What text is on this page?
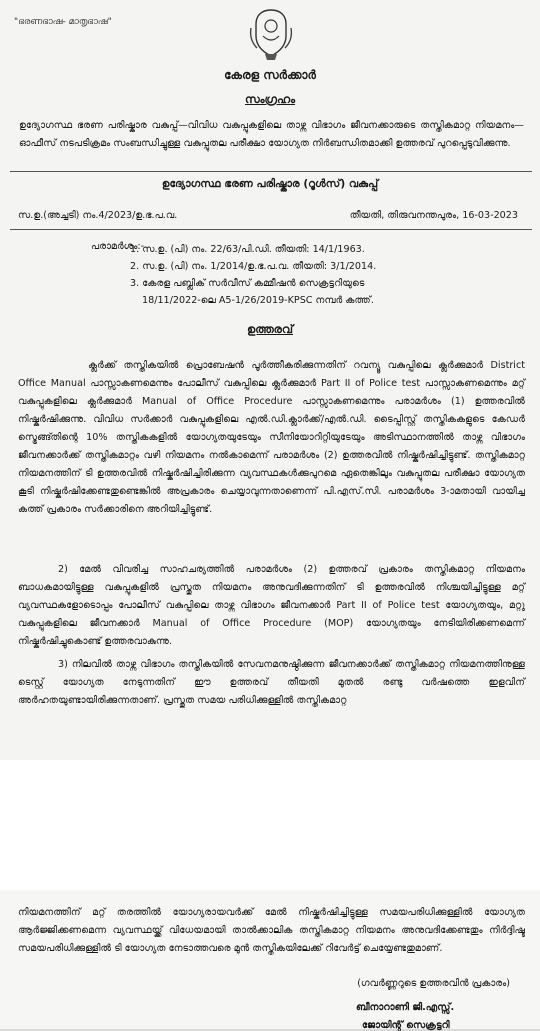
"ഭരണഭാഷ- മാതൃഭാഷ"
കേരള സർക്കാർ
സംഗ്രഹം
ഉദ്യോഗസ്ഥ ഭരണ പരിഷ്കാര വകുപ്പ്—വിവിധ വകുപ്പുകളിലെ താഴ്ന്ന വിഭാഗം ജീവനക്കാരുടെ തസ്തികമാറ്റ നിയമനം—ഓഫീസ് നടപടിക്രമം സംബന്ധിച്ചുള്ള വകുപ്പുതല പരീക്ഷാ യോഗ്യത നിർബന്ധിതമാക്കി ഉത്തരവ് പുറപ്പെടുവിക്കുന്നു.
ഉദ്യോഗസ്ഥ ഭരണ പരിഷ്കാര (റൂൾസ്) വകുപ്പ്
സ.ഉ.(അച്ചടി) നം.4/2023/ഉ.ഭ.പ.വ.	തീയതി, തിരുവനന്തപുരം, 16-03-2023
പരാമർശം:-
1. സ.ഉ. (പി) നം. 22/63/പി.ഡി. തീയതി: 14/1/1963.
2. സ.ഉ. (പി) നം. 1/2014/ഉ.ഭ.പ.വ. തീയതി: 3/1/2014.
3. കേരള പബ്ലിക് സർവീസ് കമ്മീഷൻ സെക്രട്ടറിയുടെ
18/11/2022-ലെ A5-1/26/2019-KPSC നമ്പർ കത്ത്.
ഉത്തരവ്
ക്ലർക്ക് തസ്തികയിൽ പ്രൊബേഷൻ പൂർത്തീകരിക്കുന്നതിന് റവന്യൂ വകുപ്പിലെ ക്ലർക്കുമാർ District Office Manual പാസ്സാകണമെന്നും പോലീസ് വകുപ്പിലെ ക്ലർക്കുമാർ Part II of Police test പാസ്സാകണമെന്നും മറ്റ് വകുപ്പുകളിലെ ക്ലർക്കുമാർ Manual of Office Procedure പാസ്സാകണമെന്നും പരാമർശം (1) ഉത്തരവിൽ നിഷ്കർഷിക്കുന്നു. വിവിധ സർക്കാർ വകുപ്പുകളിലെ എൽ.ഡി.ക്ലാർക്ക്/എൽ.ഡി. ടൈപ്പിസ്റ്റ് തസ്തികകളുടെ കേഡർ സ്ട്രെങ്ങ്തിന്റെ 10% തസ്തികകളിൽ യോഗ്യതയുടേയും സീനിയോറിറ്റിയുടേയും അടിസ്ഥാനത്തിൽ താഴ്ന്ന വിഭാഗം ജീവനക്കാർക്ക് തസ്തികമാറ്റം വഴി നിയമനം നൽകാമെന്ന് പരാമർശം (2) ഉത്തരവിൽ നിഷ്കർഷിച്ചിട്ടുണ്ട്. തസ്തികമാറ്റ നിയമനത്തിന് ടി ഉത്തരവിൽ നിഷ്കർഷിച്ചിരിക്കുന്ന വ്യവസ്ഥകൾക്കുപുറമെ ഏതെങ്കിലും വകുപ്പുതല പരീക്ഷാ യോഗ്യത കൂടി നിഷ്കർഷിക്കേണ്ടതുണ്ടെങ്കിൽ അപ്രകാരം ചെയ്യാവുന്നതാണെന്ന് പി.എസ്.സി. പരാമർശം 3-ാമതായി വായിച്ച കത്ത് പ്രകാരം സർക്കാരിനെ അറിയിച്ചിട്ടുണ്ട്.
2) മേൽ വിവരിച്ച സാഹചര്യത്തിൽ പരാമർശം (2) ഉത്തരവ് പ്രകാരം തസ്തികമാറ്റ നിയമനം ബാധകമായിട്ടുള്ള വകുപ്പുകളിൽ പ്രസ്തുത നിയമനം അനുവദിക്കുന്നതിന് ടി ഉത്തരവിൽ നിശ്ചയിച്ചിട്ടുള്ള മറ്റ് വ്യവസ്ഥകളോടൊപ്പം പോലീസ് വകുപ്പിലെ താഴ്ന്ന വിഭാഗം ജീവനക്കാർ Part II of Police test യോഗ്യതയും, മറ്റു വകുപ്പുകളിലെ ജീവനക്കാർ Manual of Office Procedure (MOP) യോഗ്യതയും നേടിയിരിക്കണമെന്ന് നിഷ്കർഷിച്ചുകൊണ്ട് ഉത്തരവാകുന്നു.
3) നിലവിൽ താഴ്ന്ന വിഭാഗം തസ്തികയിൽ സേവനമനുഷ്ഠിക്കുന്ന ജീവനക്കാർക്ക് തസ്തികമാറ്റ നിയമനത്തിനുള്ള ടെസ്റ്റ് യോഗ്യത നേടുന്നതിന് ഈ ഉത്തരവ് തീയതി മുതൽ രണ്ടു വർഷത്തെ ഇളവിന് അർഹതയുണ്ടായിരിക്കുന്നതാണ്. പ്രസ്തുത സമയ പരിധിക്കുള്ളിൽ തസ്തികമാറ്റ
നിയമനത്തിന് മറ്റ് തരത്തിൽ യോഗ്യരായവർക്ക് മേൽ നിഷ്കർഷിച്ചിട്ടുള്ള സമയപരിധിക്കുള്ളിൽ യോഗ്യത ആർജ്ജിക്കണമെന്ന വ്യവസ്ഥയ്ക്ക് വിധേയമായി താൽക്കാലിക തസ്തികമാറ്റ നിയമനം അനുവദിക്കേണ്ടതും നിർദ്ദിഷ്ട സമയപരിധിക്കുള്ളിൽ ടി യോഗ്യത നേടാത്തവരെ മുൻ തസ്തികയിലേക്ക് റിവേർട്ട് ചെയ്യേണ്ടതുമാണ്.
(ഗവർണ്ണറുടെ ഉത്തരവിൻ പ്രകാരം)
ബീനാറാണി ജി.എസ്സ്.
ജോയിന്റ് സെക്രട്ടറി
